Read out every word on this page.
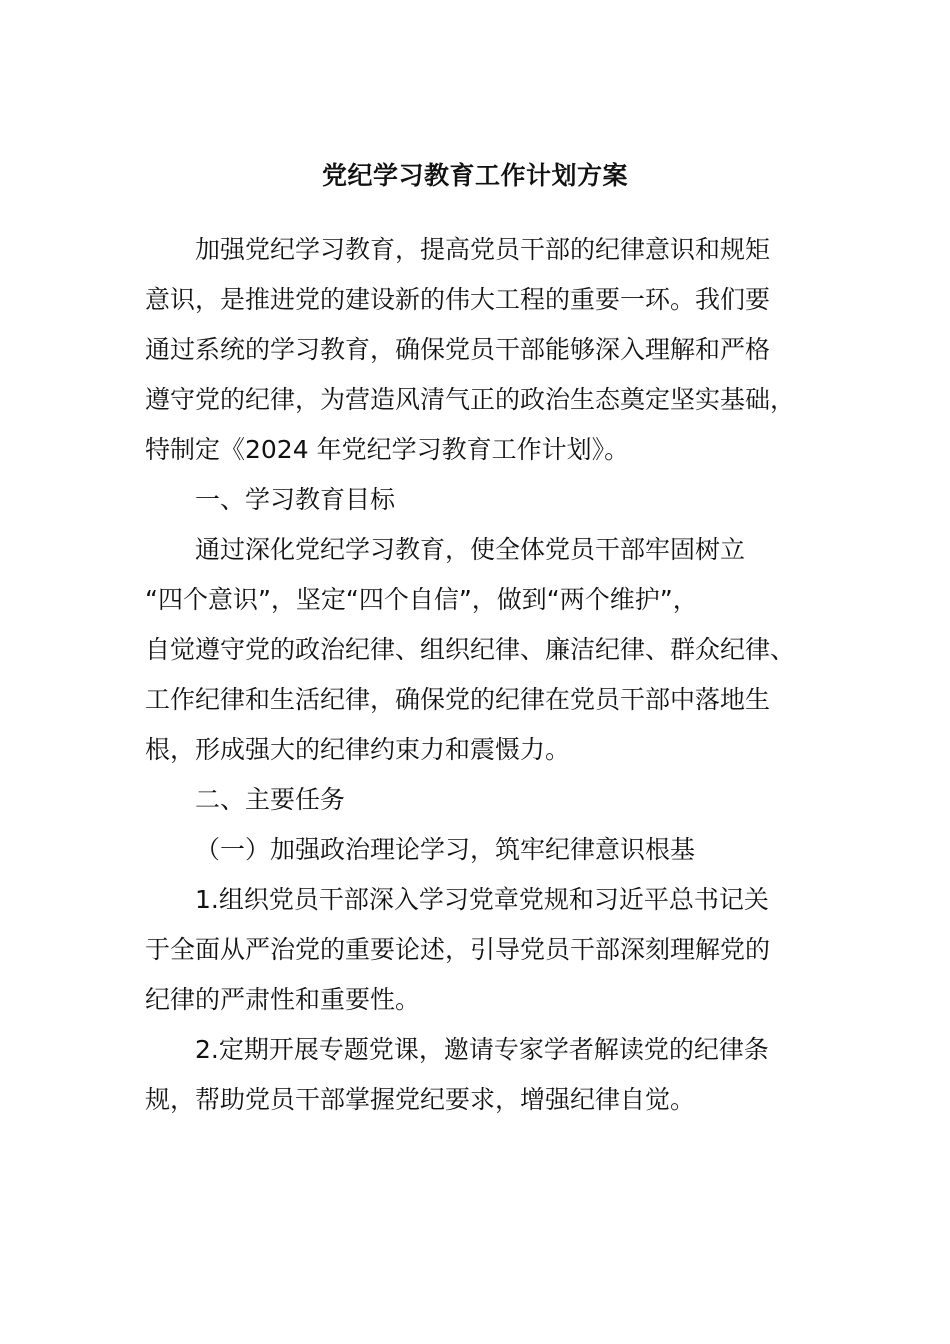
党纪学习教育工作计划方案
加强党纪学习教育，提高党员干部的纪律意识和规矩
意识，是推进党的建设新的伟大工程的重要一环。我们要
通过系统的学习教育，确保党员干部能够深入理解和严格
遵守党的纪律，为营造风清气正的政治生态奠定坚实基础，
特制定《2024 年党纪学习教育工作计划》。
一、学习教育目标
通过深化党纪学习教育，使全体党员干部牢固树立
“四个意识”，坚定“四个自信”，做到“两个维护”，
自觉遵守党的政治纪律、组织纪律、廉洁纪律、群众纪律、
工作纪律和生活纪律，确保党的纪律在党员干部中落地生
根，形成强大的纪律约束力和震慑力。
二、主要任务
（一）加强政治理论学习，筑牢纪律意识根基
1.组织党员干部深入学习党章党规和习近平总书记关
于全面从严治党的重要论述，引导党员干部深刻理解党的
纪律的严肃性和重要性。
2.定期开展专题党课，邀请专家学者解读党的纪律条
规，帮助党员干部掌握党纪要求，增强纪律自觉。
